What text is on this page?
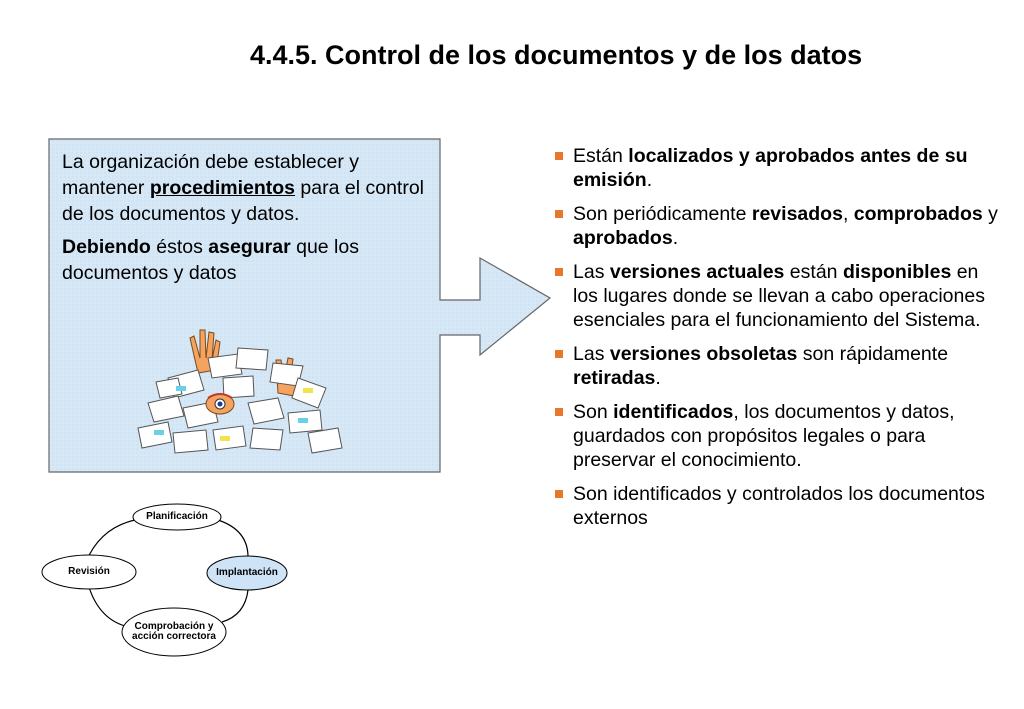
4.4.5. Control de los documentos y de los datos

La organización debe establecer y mantener procedimientos para el control de los documentos y datos.

Debiendo éstos asegurar que los documentos y datos

Están localizados y aprobados antes de su emisión.
Son periódicamente revisados, comprobados y aprobados.
Las versiones actuales están disponibles en los lugares donde se llevan a cabo operaciones esenciales para el funcionamiento del Sistema.
Las versiones obsoletas son rápidamente retiradas.
Son identificados, los documentos y datos, guardados con propósitos legales o para preservar el conocimiento.
Son identificados y controlados los documentos externos
Planificación
Implantación
Comprobación y
acción correctora
Revisión
